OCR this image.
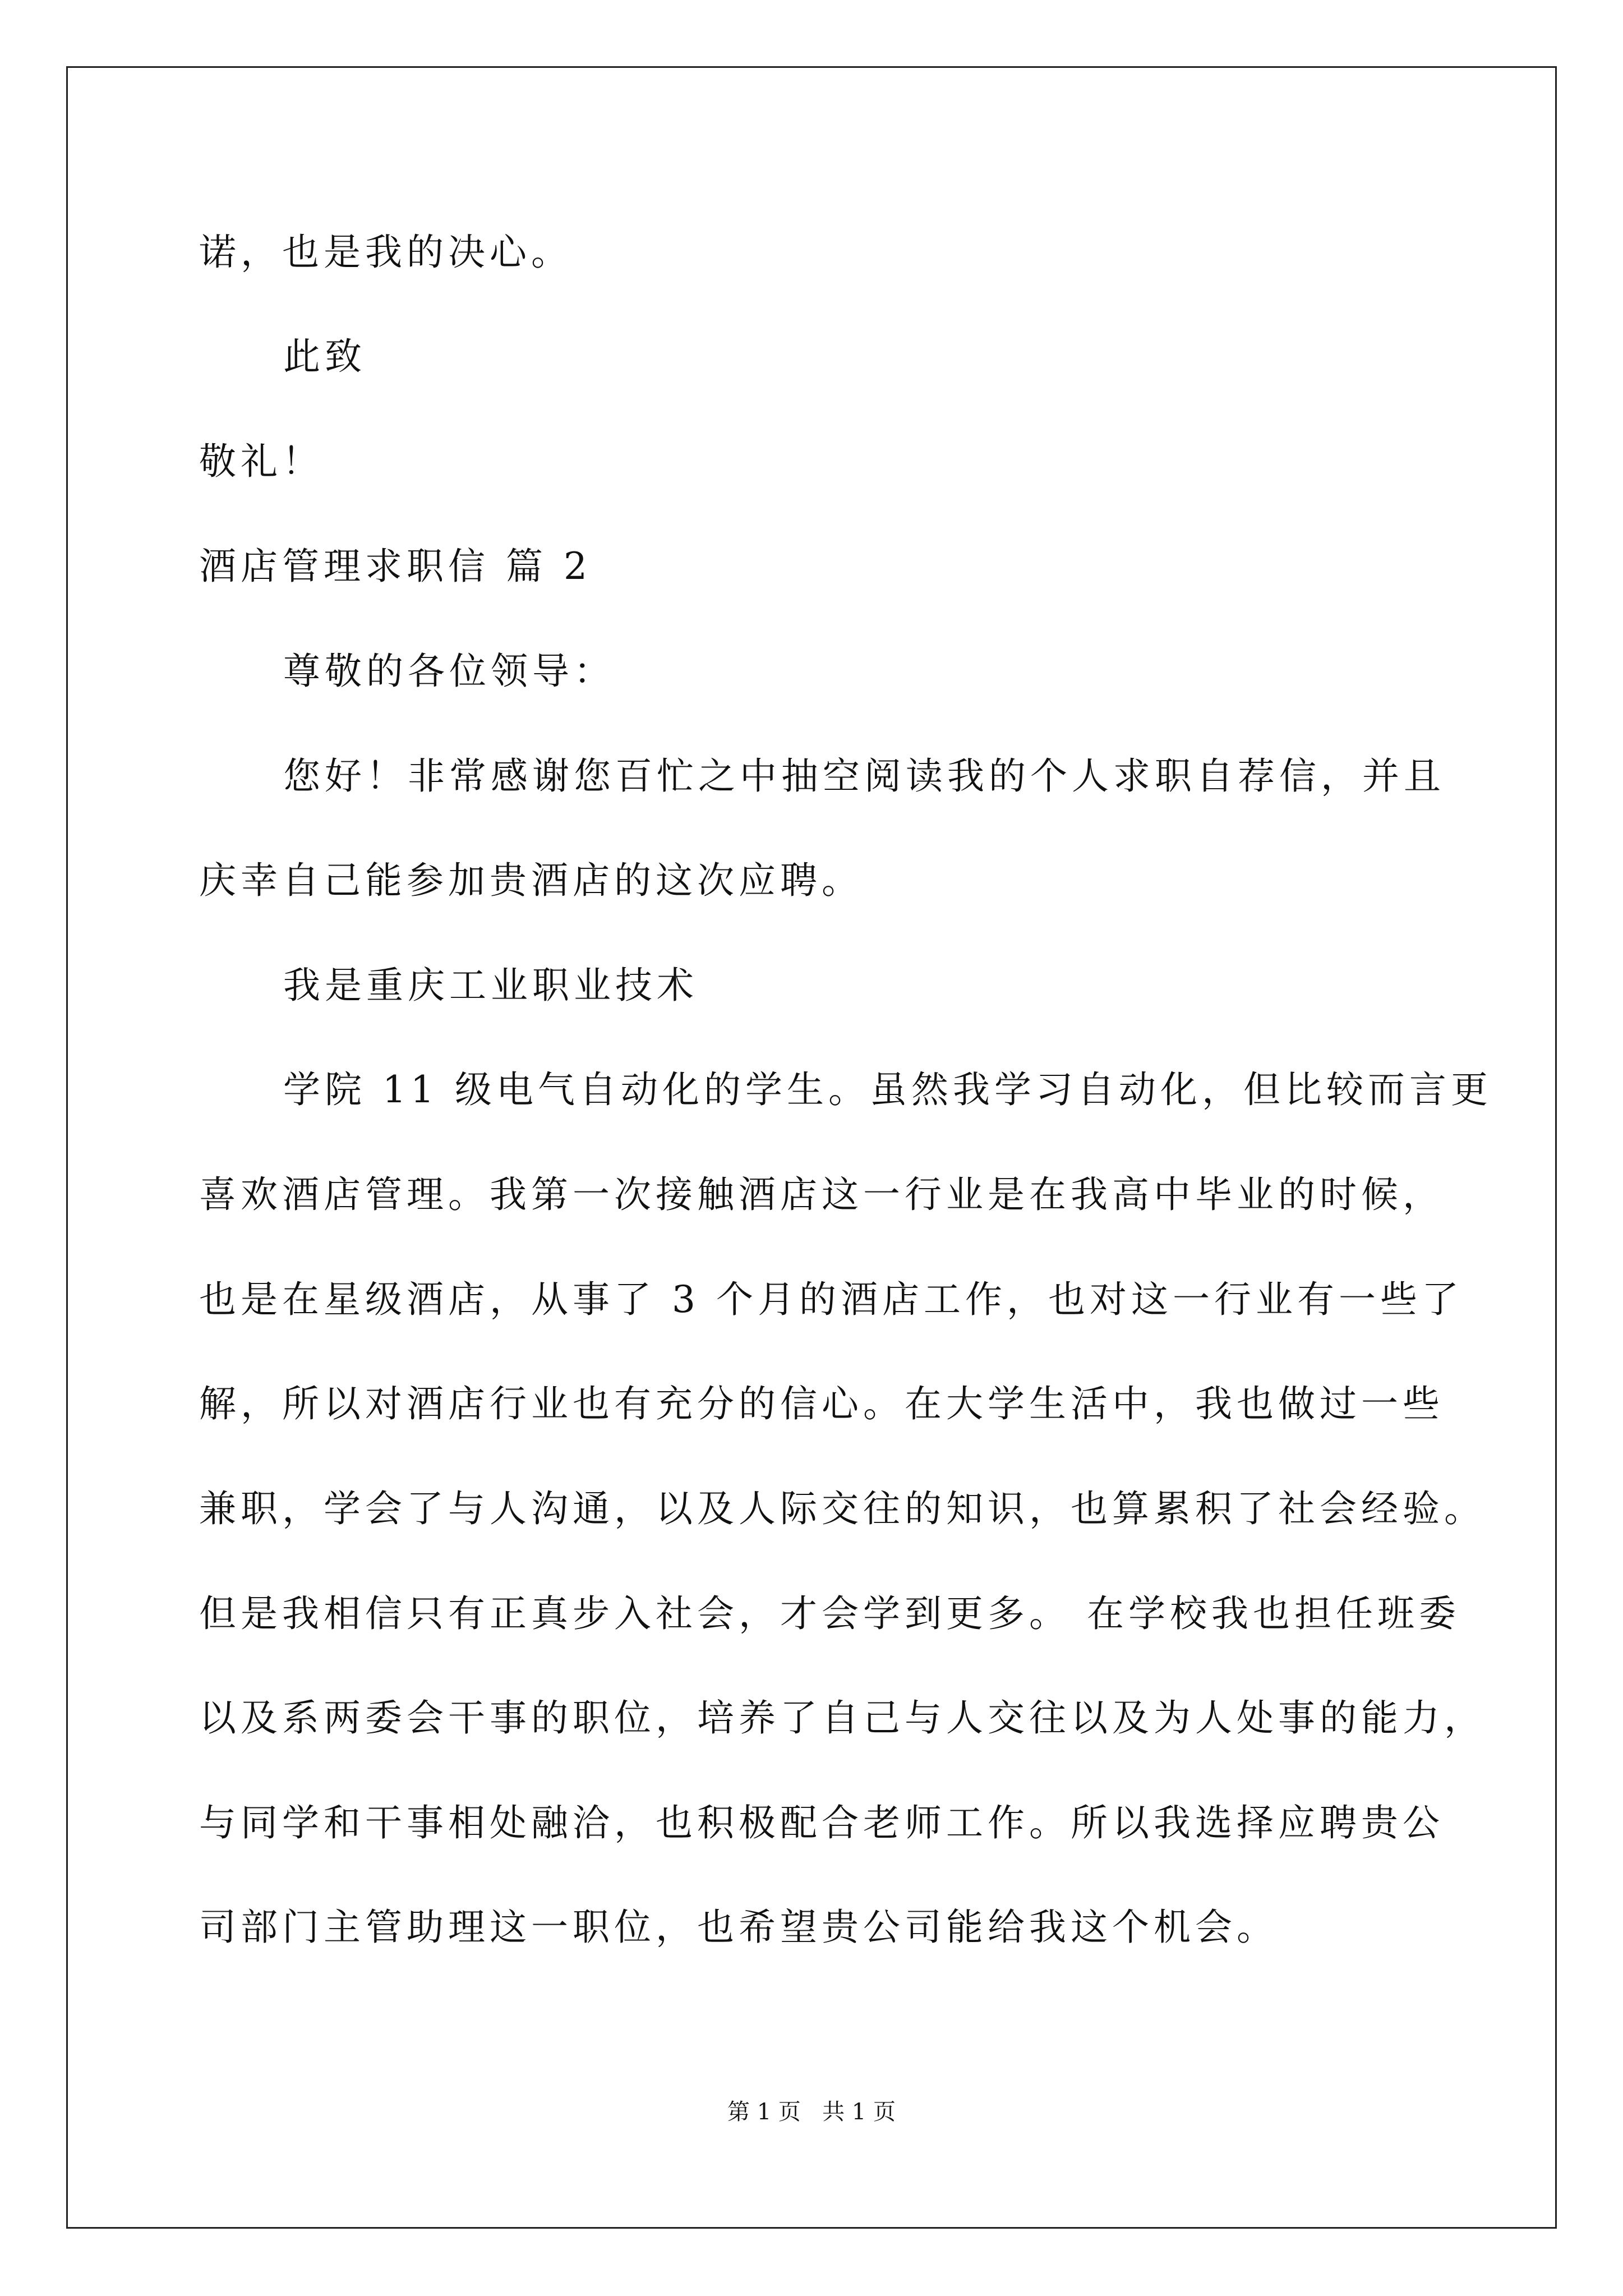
诺，也是我的决心。
此致
敬礼！
酒店管理求职信 篇 2
尊敬的各位领导：
您好！非常感谢您百忙之中抽空阅读我的个人求职自荐信，并且
庆幸自己能参加贵酒店的这次应聘。
我是重庆工业职业技术
学院 11 级电气自动化的学生。虽然我学习自动化，但比较而言更
喜欢酒店管理。我第一次接触酒店这一行业是在我高中毕业的时候，
也是在星级酒店，从事了 3 个月的酒店工作，也对这一行业有一些了
解，所以对酒店行业也有充分的信心。在大学生活中，我也做过一些
兼职，学会了与人沟通，以及人际交往的知识，也算累积了社会经验。
但是我相信只有正真步入社会，才会学到更多。 在学校我也担任班委
以及系两委会干事的职位，培养了自己与人交往以及为人处事的能力，
与同学和干事相处融洽，也积极配合老师工作。所以我选择应聘贵公
司部门主管助理这一职位，也希望贵公司能给我这个机会。
第 1 页   共 1 页
